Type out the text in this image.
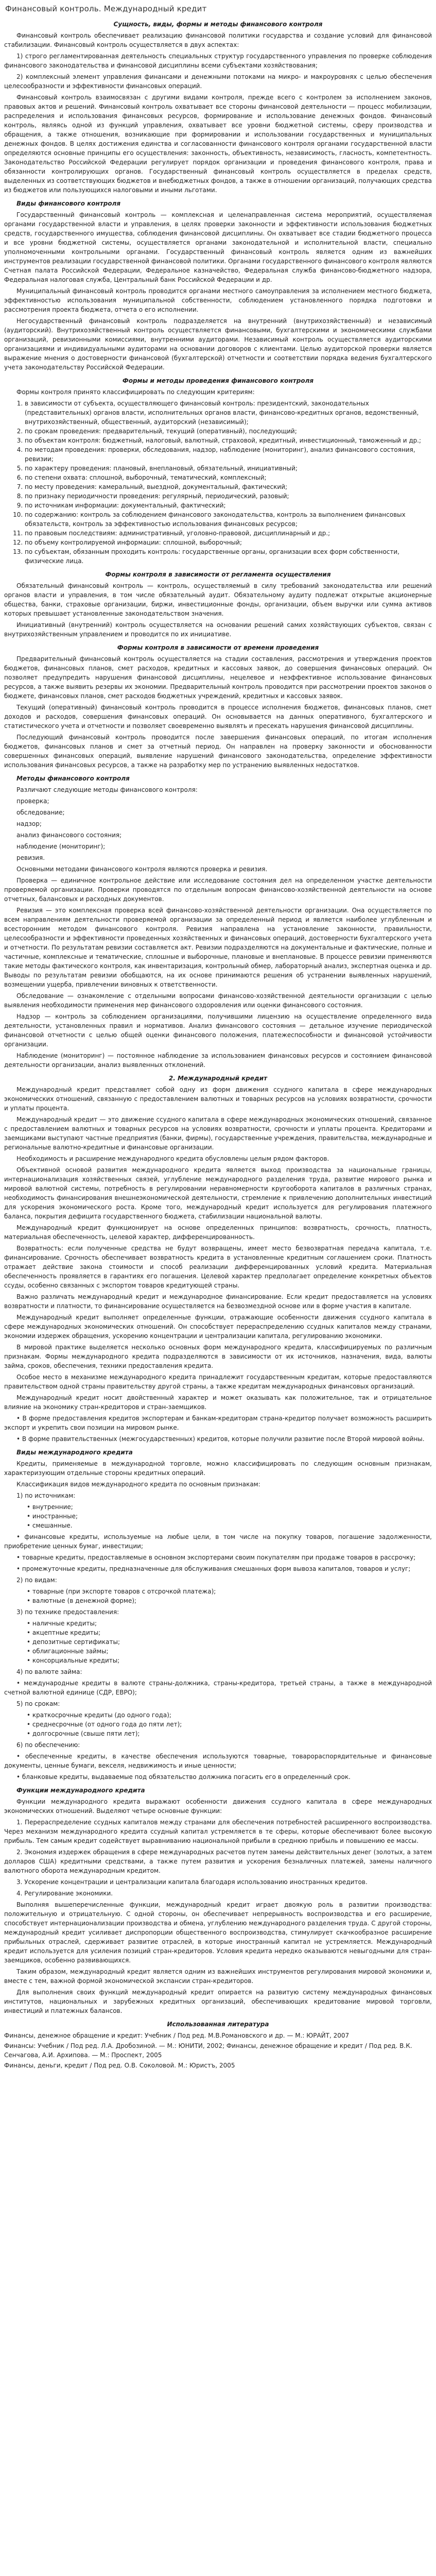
Финансовый контроль. Международный кредит
Сущность, виды, формы и методы финансового контроля
Финансовый контроль обеспечивает реализацию финансовой политики государства и создание условий для финансовой стабилизации. Финансовый контроль осуществляется в двух аспектах:
1) строго регламентированная деятельность специальных структур государственного управления по проверке соблюдения финансового законодательства и финансовой дисциплины всеми субъектами хозяйствования;
2) комплексный элемент управления финансами и денежными потоками на микро- и макроуровнях с целью обеспечения целесообразности и эффективности финансовых операций.
Финансовый контроль взаимосвязан с другими видами контроля, прежде всего с контролем за исполнением законов, правовых актов и решений. Финансовый контроль охватывает все стороны финансовой деятельности — процесс мобилизации, распределения и использования финансовых ресурсов, формирование и использование денежных фондов. Финансовый контроль, являясь одной из функций управления, охватывает все уровни бюджетной системы, сферу производства и обращения, а также отношения, возникающие при формировании и использовании государственных и муниципальных денежных фондов. В целях достижения единства и согласованности финансового контроля органами государственной власти определяются основные принципы его осуществления: законность, объективность, независимость, гласность, компетентность. Законодательство Российской Федерации регулирует порядок организации и проведения финансового контроля, права и обязанности контролирующих органов. Государственный финансовый контроль осуществляется в пределах средств, выделенных из соответствующих бюджетов и внебюджетных фондов, а также в отношении организаций, получающих средства из бюджетов или пользующихся налоговыми и иными льготами.
Виды финансового контроля
Государственный финансовый контроль — комплексная и целенаправленная система мероприятий, осуществляемая органами государственной власти и управления, в целях проверки законности и эффективности использования бюджетных средств, государственного имущества, соблюдения финансовой дисциплины. Он охватывает все стадии бюджетного процесса и все уровни бюджетной системы, осуществляется органами законодательной и исполнительной власти, специально уполномоченными контрольными органами. Государственный финансовый контроль является одним из важнейших инструментов реализации государственной финансовой политики. Органами государственного финансового контроля являются Счетная палата Российской Федерации, Федеральное казначейство, Федеральная служба финансово-бюджетного надзора, Федеральная налоговая служба, Центральный банк Российской Федерации и др.
Муниципальный финансовый контроль проводится органами местного самоуправления за исполнением местного бюджета, эффективностью использования муниципальной собственности, соблюдением установленного порядка подготовки и рассмотрения проекта бюджета, отчета о его исполнении.
Негосударственный финансовый контроль подразделяется на внутренний (внутрихозяйственный) и независимый (аудиторский). Внутрихозяйственный контроль осуществляется финансовыми, бухгалтерскими и экономическими службами организаций, ревизионными комиссиями, внутренними аудиторами. Независимый контроль осуществляется аудиторскими организациями и индивидуальными аудиторами на основании договоров с клиентами. Целью аудиторской проверки является выражение мнения о достоверности финансовой (бухгалтерской) отчетности и соответствии порядка ведения бухгалтерского учета законодательству Российской Федерации.
Формы и методы проведения финансового контроля
Формы контроля принято классифицировать по следующим критериям:
1. в зависимости от субъекта, осуществляющего финансовый контроль: президентский, законодательных (представительных) органов власти, исполнительных органов власти, финансово-кредитных органов, ведомственный, внутрихозяйственный, общественный, аудиторский (независимый);
2. по срокам проведения: предварительный, текущий (оперативный), последующий;
3. по объектам контроля: бюджетный, налоговый, валютный, страховой, кредитный, инвестиционный, таможенный и др.;
4. по методам проведения: проверки, обследования, надзор, наблюдение (мониторинг), анализ финансового состояния, ревизии;
5. по характеру проведения: плановый, внеплановый, обязательный, инициативный;
6. по степени охвата: сплошной, выборочный, тематический, комплексный;
7. по месту проведения: камеральный, выездной, документальный, фактический;
8. по признаку периодичности проведения: регулярный, периодический, разовый;
9. по источникам информации: документальный, фактический;
10. по содержанию: контроль за соблюдением финансового законодательства, контроль за выполнением финансовых обязательств, контроль за эффективностью использования финансовых ресурсов;
11. по правовым последствиям: административный, уголовно-правовой, дисциплинарный и др.;
12. по объему контролируемой информации: сплошной, выборочный;
13. по субъектам, обязанным проходить контроль: государственные органы, организации всех форм собственности, физические лица.
Формы контроля в зависимости от регламента осуществления
Обязательный финансовый контроль — контроль, осуществляемый в силу требований законодательства или решений органов власти и управления, в том числе обязательный аудит. Обязательному аудиту подлежат открытые акционерные общества, банки, страховые организации, биржи, инвестиционные фонды, организации, объем выручки или сумма активов которых превышает установленные законодательством значения.
Инициативный (внутренний) контроль осуществляется на основании решений самих хозяйствующих субъектов, связан с внутрихозяйственным управлением и проводится по их инициативе.
Формы контроля в зависимости от времени проведения
Предварительный финансовый контроль осуществляется на стадии составления, рассмотрения и утверждения проектов бюджетов, финансовых планов, смет расходов, кредитных и кассовых заявок, до совершения финансовых операций. Он позволяет предупредить нарушения финансовой дисциплины, нецелевое и неэффективное использование финансовых ресурсов, а также выявить резервы их экономии. Предварительный контроль проводится при рассмотрении проектов законов о бюджете, финансовых планов, смет расходов бюджетных учреждений, кредитных и кассовых заявок.
Текущий (оперативный) финансовый контроль проводится в процессе исполнения бюджетов, финансовых планов, смет доходов и расходов, совершения финансовых операций. Он основывается на данных оперативного, бухгалтерского и статистического учета и отчетности и позволяет своевременно выявлять и пресекать нарушения финансовой дисциплины.
Последующий финансовый контроль проводится после завершения финансовых операций, по итогам исполнения бюджетов, финансовых планов и смет за отчетный период. Он направлен на проверку законности и обоснованности совершенных финансовых операций, выявление нарушений финансового законодательства, определение эффективности использования финансовых ресурсов, а также на разработку мер по устранению выявленных недостатков.
Методы финансового контроля
Различают следующие методы финансового контроля:
проверка;
обследование;
надзор;
анализ финансового состояния;
наблюдение (мониторинг);
ревизия.
Основными методами финансового контроля являются проверка и ревизия.
Проверка — единичное контрольное действие или исследование состояния дел на определенном участке деятельности проверяемой организации. Проверки проводятся по отдельным вопросам финансово-хозяйственной деятельности на основе отчетных, балансовых и расходных документов.
Ревизия — это комплексная проверка всей финансово-хозяйственной деятельности организации. Она осуществляется по всем направлениям деятельности проверяемой организации за определенный период и является наиболее углубленным и всесторонним методом финансового контроля. Ревизия направлена на установление законности, правильности, целесообразности и эффективности проведенных хозяйственных и финансовых операций, достоверности бухгалтерского учета и отчетности. По результатам ревизии составляется акт. Ревизии подразделяются на документальные и фактические, полные и частичные, комплексные и тематические, сплошные и выборочные, плановые и внеплановые. В процессе ревизии применяются такие методы фактического контроля, как инвентаризация, контрольный обмер, лабораторный анализ, экспертная оценка и др. Выводы по результатам ревизии обобщаются, на их основе принимаются решения об устранении выявленных нарушений, возмещении ущерба, привлечении виновных к ответственности.
Обследование — ознакомление с отдельными вопросами финансово-хозяйственной деятельности организации с целью выявления необходимости применения мер финансового оздоровления или оценки финансового состояния.
Надзор — контроль за соблюдением организациями, получившими лицензию на осуществление определенного вида деятельности, установленных правил и нормативов. Анализ финансового состояния — детальное изучение периодической финансовой отчетности с целью общей оценки финансового положения, платежеспособности и финансовой устойчивости организации.
Наблюдение (мониторинг) — постоянное наблюдение за использованием финансовых ресурсов и состоянием финансовой деятельности организации, анализ выявленных отклонений.
2. Международный кредит
Международный кредит представляет собой одну из форм движения ссудного капитала в сфере международных экономических отношений, связанную с предоставлением валютных и товарных ресурсов на условиях возвратности, срочности и уплаты процента.
Международный кредит — это движение ссудного капитала в сфере международных экономических отношений, связанное с предоставлением валютных и товарных ресурсов на условиях возвратности, срочности и уплаты процента. Кредиторами и заемщиками выступают частные предприятия (банки, фирмы), государственные учреждения, правительства, международные и региональные валютно-кредитные и финансовые организации.
Необходимость и расширение международного кредита обусловлены целым рядом факторов.
Объективной основой развития международного кредита является выход производства за национальные границы, интернационализация хозяйственных связей, углубление международного разделения труда, развитие мирового рынка и мировой валютной системы, потребность в регулировании неравномерности кругооборота капиталов в различных странах, необходимость финансирования внешнеэкономической деятельности, стремление к привлечению дополнительных инвестиций для ускорения экономического роста. Кроме того, международный кредит используется для регулирования платежного баланса, покрытия дефицита государственного бюджета, стабилизации национальной валюты.
Международный кредит функционирует на основе определенных принципов: возвратность, срочность, платность, материальная обеспеченность, целевой характер, дифференцированность.
Возвратность: если полученные средства не будут возвращены, имеет место безвозвратная передача капитала, т.е. финансирование. Срочность обеспечивает возвратность кредита в установленные кредитным соглашением сроки. Платность отражает действие закона стоимости и способ реализации дифференцированных условий кредита. Материальная обеспеченность проявляется в гарантиях его погашения. Целевой характер предполагает определение конкретных объектов ссуды, особенно связанных с экспортом товаров кредитующей страны.
Важно различать международный кредит и международное финансирование. Если кредит предоставляется на условиях возвратности и платности, то финансирование осуществляется на безвозмездной основе или в форме участия в капитале.
Международный кредит выполняет определенные функции, отражающие особенности движения ссудного капитала в сфере международных экономических отношений. Он способствует перераспределению ссудных капиталов между странами, экономии издержек обращения, ускорению концентрации и централизации капитала, регулированию экономики.
В мировой практике выделяется несколько основных форм международного кредита, классифицируемых по различным признакам. Формы международного кредита подразделяются в зависимости от их источников, назначения, вида, валюты займа, сроков, обеспечения, техники предоставления кредита.
Особое место в механизме международного кредита принадлежит государственным кредитам, которые предоставляются правительством одной страны правительству другой страны, а также кредитам международных финансовых организаций.
Международный кредит носит двойственный характер и может оказывать как положительное, так и отрицательное влияние на экономику стран-кредиторов и стран-заемщиков.
• В форме предоставления кредитов экспортерам и банкам-кредиторам страна-кредитор получает возможность расширить экспорт и укрепить свои позиции на мировом рынке.
• В форме правительственных (межгосударственных) кредитов, которые получили развитие после Второй мировой войны.
Виды международного кредита
Кредиты, применяемые в международной торговле, можно классифицировать по следующим основным признакам, характеризующим отдельные стороны кредитных операций.
Классификация видов международного кредита по основным признакам:
1) по источникам:
• внутренние;
• иностранные;
• смешанные.
• финансовые кредиты, используемые на любые цели, в том числе на покупку товаров, погашение задолженности, приобретение ценных бумаг, инвестиции;
• товарные кредиты, предоставляемые в основном экспортерами своим покупателям при продаже товаров в рассрочку;
• промежуточные кредиты, предназначенные для обслуживания смешанных форм вывоза капиталов, товаров и услуг;
2) по видам:
• товарные (при экспорте товаров с отсрочкой платежа);
• валютные (в денежной форме);
3) по технике предоставления:
• наличные кредиты;
• акцептные кредиты;
• депозитные сертификаты;
• облигационные займы;
• консорциальные кредиты;
4) по валюте займа:
• международные кредиты в валюте страны-должника, страны-кредитора, третьей страны, а также в международной счетной валютной единице (СДР, ЕВРО);
5) по срокам:
• краткосрочные кредиты (до одного года);
• среднесрочные (от одного года до пяти лет);
• долгосрочные (свыше пяти лет);
6) по обеспечению:
• обеспеченные кредиты, в качестве обеспечения используются товарные, товарораспорядительные и финансовые документы, ценные бумаги, векселя, недвижимость и иные ценности;
• бланковые кредиты, выдаваемые под обязательство должника погасить его в определенный срок.
Функции международного кредита
Функции международного кредита выражают особенности движения ссудного капитала в сфере международных экономических отношений. Выделяют четыре основные функции:
1. Перераспределение ссудных капиталов между странами для обеспечения потребностей расширенного воспроизводства. Через механизм международного кредита ссудный капитал устремляется в те сферы, которые обеспечивают более высокую прибыль. Тем самым кредит содействует выравниванию национальной прибыли в среднюю прибыль и повышению ее массы.
2. Экономия издержек обращения в сфере международных расчетов путем замены действительных денег (золотых, а затем долларов США) кредитными средствами, а также путем развития и ускорения безналичных платежей, замены наличного валютного оборота международным кредитом.
3. Ускорение концентрации и централизации капитала благодаря использованию иностранных кредитов.
4. Регулирование экономики.
Выполняя вышеперечисленные функции, международный кредит играет двоякую роль в развитии производства: положительную и отрицательную. С одной стороны, он обеспечивает непрерывность воспроизводства и его расширение, способствует интернационализации производства и обмена, углублению международного разделения труда. С другой стороны, международный кредит усиливает диспропорции общественного воспроизводства, стимулирует скачкообразное расширение прибыльных отраслей, сдерживает развитие отраслей, в которые иностранный капитал не устремляется. Международный кредит используется для усиления позиций стран-кредиторов. Условия кредита нередко оказываются невыгодными для стран-заемщиков, особенно развивающихся.
Таким образом, международный кредит является одним из важнейших инструментов регулирования мировой экономики и, вместе с тем, важной формой экономической экспансии стран-кредиторов.
Для выполнения своих функций международный кредит опирается на развитую систему международных финансовых институтов, национальных и зарубежных кредитных организаций, обеспечивающих кредитование мировой торговли, инвестиций и платежных балансов.
Использованная литература
Финансы, денежное обращение и кредит: Учебник / Под ред. М.В.Романовского и др. — М.: ЮРАЙТ, 2007
Финансы: Учебник / Под ред. Л.А. Дробозиной. — М.: ЮНИТИ, 2002; Финансы, денежное обращение и кредит / Под ред. В.К. Сенчагова, А.И. Архипова. — М.: Проспект, 2005
Финансы, деньги, кредит / Под ред. О.В. Соколовой. М.: Юристъ, 2005
